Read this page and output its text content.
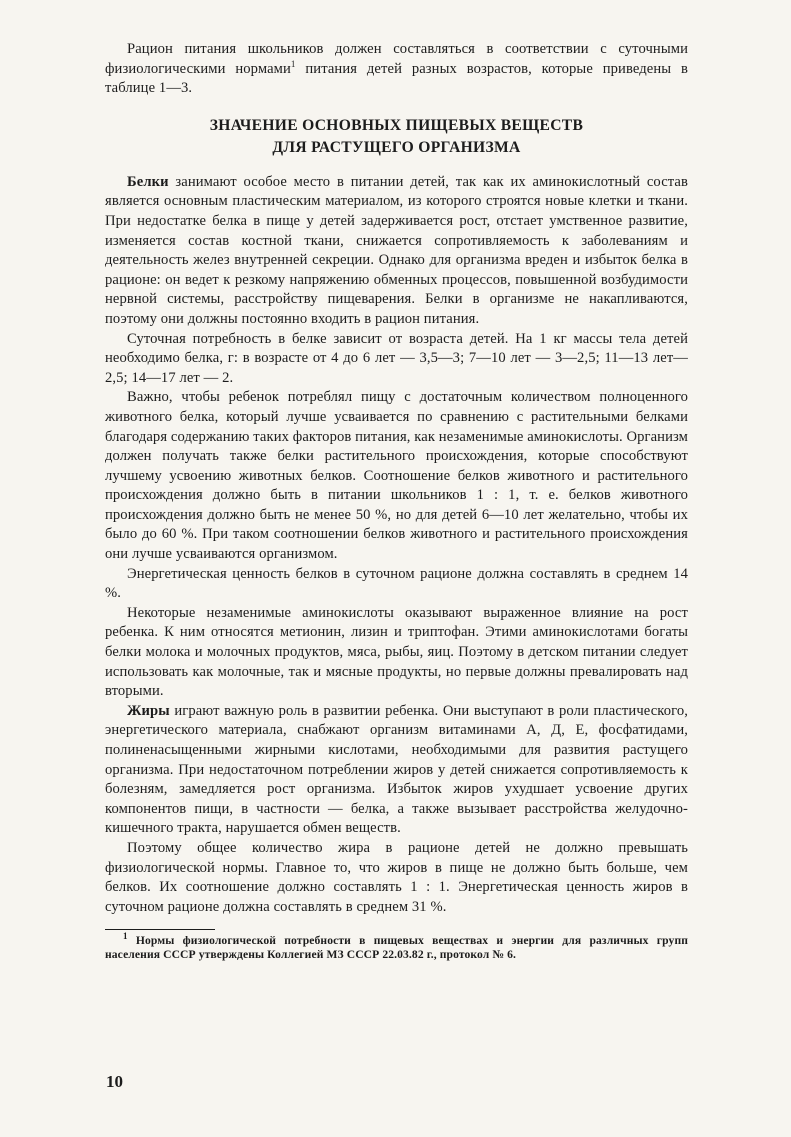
Рацион питания школьников должен составляться в соответствии с суточными физиологическими нормами$^1$ питания детей разных возрастов, которые приведены в таблице 1—3.

ЗНАЧЕНИЕ ОСНОВНЫХ ПИЩЕВЫХ ВЕЩЕСТВ
ДЛЯ РАСТУЩЕГО ОРГАНИЗМА

Белки занимают особое место в питании детей, так как их аминокислотный состав является основным пластическим материалом, из которого строятся новые клетки и ткани. При недостатке белка в пище у детей задерживается рост, отстает умственное развитие, изменяется состав костной ткани, снижается сопротивляемость к заболеваниям и деятельность желез внутренней секреции. Однако для организма вреден и избыток белка в рационе: он ведет к резкому напряжению обменных процессов, повышенной возбудимости нервной системы, расстройству пищеварения. Белки в организме не накапливаются, поэтому они должны постоянно входить в рацион питания.

Суточная потребность в белке зависит от возраста детей. На 1 кг массы тела детей необходимо белка, г: в возрасте от 4 до 6 лет — 3,5—3; 7—10 лет — 3—2,5; 11—13 лет—2,5; 14—17 лет — 2.

Важно, чтобы ребенок потреблял пищу с достаточным количеством полноценного животного белка, который лучше усваивается по сравнению с растительными белками благодаря содержанию таких факторов питания, как незаменимые аминокислоты. Организм должен получать также белки растительного происхождения, которые способствуют лучшему усвоению животных белков. Соотношение белков животного и растительного происхождения должно быть в питании школьников 1 : 1, т. е. белков животного происхождения должно быть не менее 50 %, но для детей 6—10 лет желательно, чтобы их было до 60 %. При таком соотношении белков животного и растительного происхождения они лучше усваиваются организмом.

Энергетическая ценность белков в суточном рационе должна составлять в среднем 14 %.

Некоторые незаменимые аминокислоты оказывают выраженное влияние на рост ребенка. К ним относятся метионин, лизин и триптофан. Этими аминокислотами богаты белки молока и молочных продуктов, мяса, рыбы, яиц. Поэтому в детском питании следует использовать как молочные, так и мясные продукты, но первые должны превалировать над вторыми.

Жиры играют важную роль в развитии ребенка. Они выступают в роли пластического, энергетического материала, снабжают организм витаминами А, Д, Е, фосфатидами, полиненасыщенными жирными кислотами, необходимыми для развития растущего организма. При недостаточном потреблении жиров у детей снижается сопротивляемость к болезням, замедляется рост организма. Избыток жиров ухудшает усвоение других компонентов пищи, в частности — белка, а также вызывает расстройства желудочно-кишечного тракта, нарушается обмен веществ.

Поэтому общее количество жира в рационе детей не должно превышать физиологической нормы. Главное то, что жиров в пище не должно быть больше, чем белков. Их соотношение должно составлять 1 : 1. Энергетическая ценность жиров в суточном рационе должна составлять в среднем 31 %.

$^1$ Нормы физиологической потребности в пищевых веществах и энергии для различных групп населения СССР утверждены Коллегией МЗ СССР 22.03.82 г., протокол № 6.

10
